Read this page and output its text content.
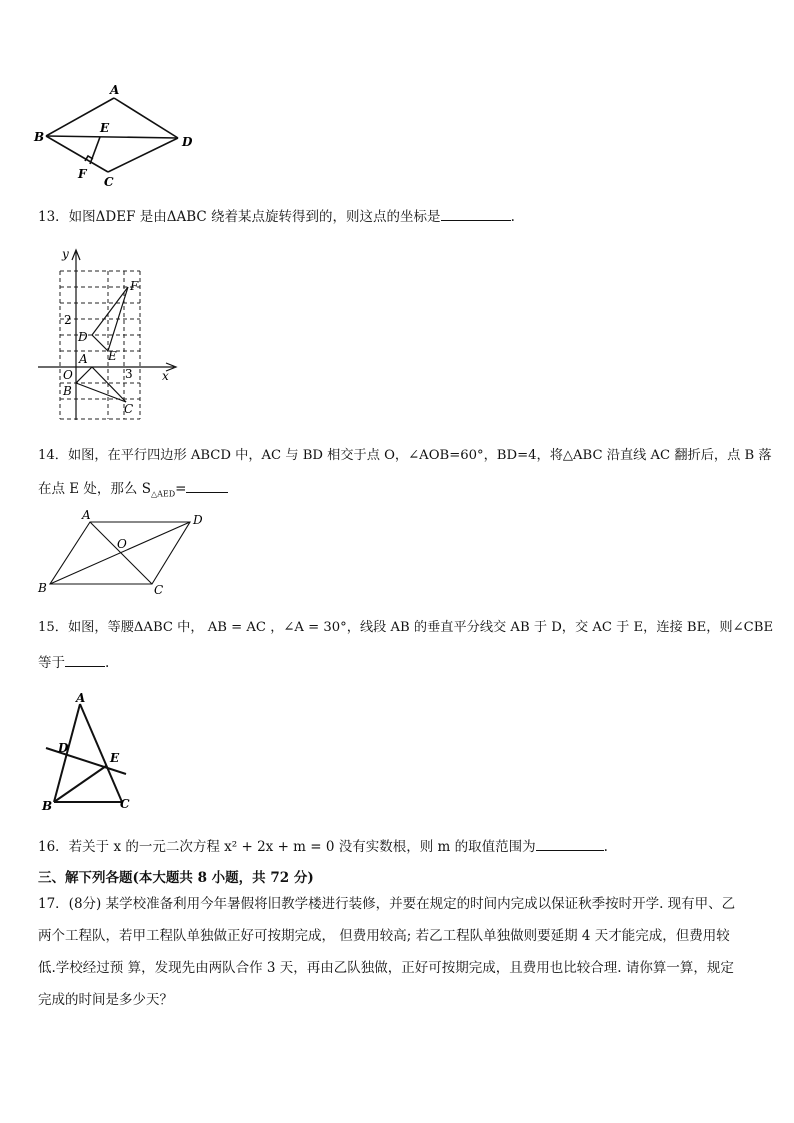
A
B
C
D
E
F
13．如图ΔDEF 是由ΔABC 绕着某点旋转得到的，则这点的坐标是	.
y
x
2
3
O
A
B
C
D
E
F
14．如图，在平行四边形 ABCD 中，AC 与 BD 相交于点 O，∠AOB=60°，BD=4，将△ABC 沿直线 AC 翻折后，点 B 落
在点 E 处，那么 $S_{\triangle AED}=$
A	D
B	C
O
15．如图，等腰ΔABC 中， AB = AC ，∠A = 30°，线段 AB 的垂直平分线交 AB 于 D，交 AC 于 E，连接 BE，则∠CBE
等于	.
A
D
E
B	C
16．若关于 x 的一元二次方程 x² + 2x + m = 0 没有实数根，则 m 的取值范围为	.
三、解下列各题(本大题共 8 小题，共 72 分)
17．(8分) 某学校准备利用今年暑假将旧教学楼进行装修，并要在规定的时间内完成以保证秋季按时开学. 现有甲、乙
两个工程队，若甲工程队单独做正好可按期完成， 但费用较高; 若乙工程队单独做则要延期 4 天才能完成，但费用较
低.学校经过预 算，发现先由两队合作 3 天，再由乙队独做，正好可按期完成，且费用也比较合理. 请你算一算，规定
完成的时间是多少天？
